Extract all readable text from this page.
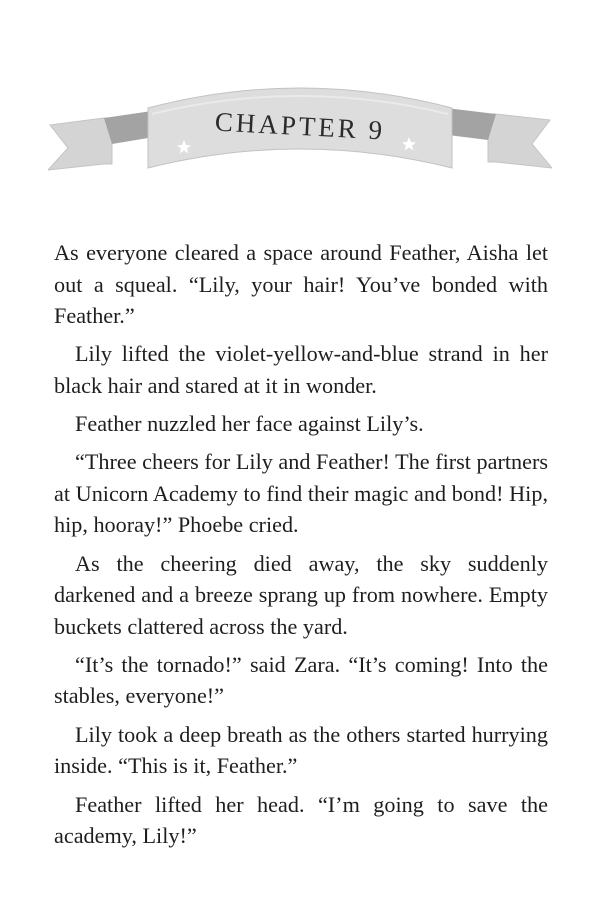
CHAPTER 9

As everyone cleared a space around Feather, Aisha let out a squeal. “Lily, your hair! You’ve bonded with Feather.”

Lily lifted the violet-yellow-and-blue strand in her black hair and stared at it in wonder.

Feather nuzzled her face against Lily’s.

“Three cheers for Lily and Feather! The first partners at Unicorn Academy to find their magic and bond! Hip, hip, hooray!” Phoebe cried.

As the cheering died away, the sky suddenly darkened and a breeze sprang up from nowhere. Empty buckets clattered across the yard.

“It’s the tornado!” said Zara. “It’s coming! Into the stables, everyone!”

Lily took a deep breath as the others started hurrying inside. “This is it, Feather.”

Feather lifted her head. “I’m going to save the academy, Lily!”
